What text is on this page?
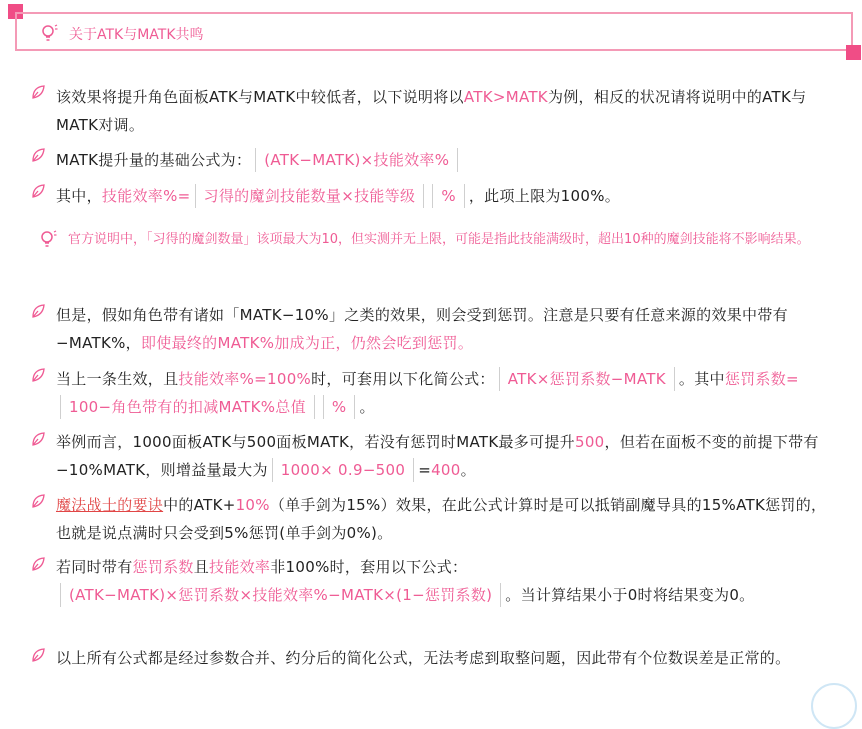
关于ATK与MATK共鸣
该效果将提升角色面板ATK与MATK中较低者，以下说明将以ATK>MATK为例，相反的状况请将说明中的ATK与MATK对调。
MATK提升量的基础公式为： (ATK−MATK)×技能效率%
其中，技能效率%= 习得的魔剑技能数量×技能等级 % ，此项上限为100%。
官方说明中，「习得的魔剑数量」该项最大为10，但实测并无上限，可能是指此技能满级时，超出10种的魔剑技能将不影响结果。
但是，假如角色带有诸如「MATK−10%」之类的效果，则会受到惩罚。注意是只要有任意来源的效果中带有−MATK%，即使最终的MATK%加成为正，仍然会吃到惩罚。
当上一条生效，且技能效率%=100%时，可套用以下化简公式： ATK×惩罚系数−MATK 。其中惩罚系数=100−角色带有的扣减MATK%总值 % 。
举例而言，1000面板ATK与500面板MATK，若没有惩罚时MATK最多可提升500，但若在面板不变的前提下带有−10%MATK，则增益量最大为 1000× 0.9−500 =400。
魔法战士的要诀中的ATK+10%（单手剑为15%）效果，在此公式计算时是可以抵销副魔导具的15%ATK惩罚的，也就是说点满时只会受到5%惩罚(单手剑为0%)。
若同时带有惩罚系数且技能效率非100%时，套用以下公式：
(ATK−MATK)×惩罚系数×技能效率%−MATK×(1−惩罚系数) 。当计算结果小于0时将结果变为0。
以上所有公式都是经过参数合并、约分后的简化公式，无法考虑到取整问题，因此带有个位数误差是正常的。
